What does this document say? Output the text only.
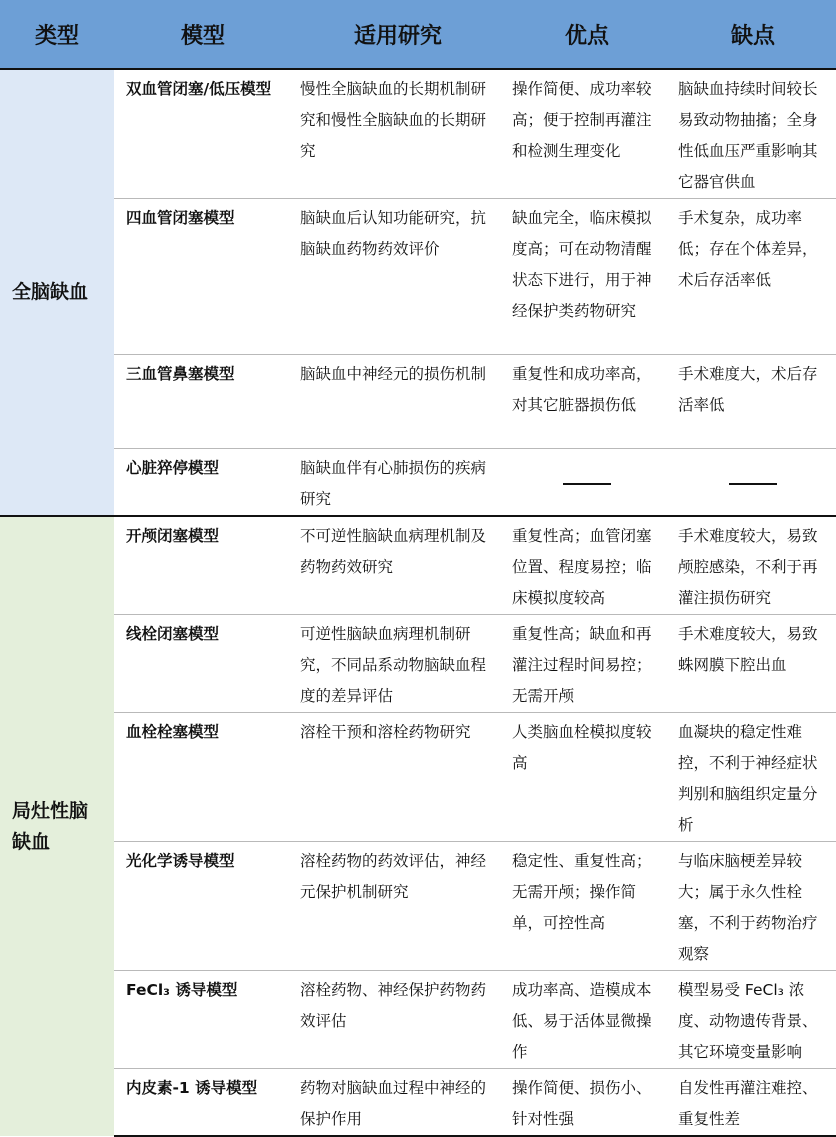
类型	模型	适用研究	优点	缺点
全脑缺血	双血管闭塞/低压模型	慢性全脑缺血的长期机制研究和慢性全脑缺血的长期研究	操作简便、成功率较高；便于控制再灌注和检测生理变化	脑缺血持续时间较长易致动物抽搐；全身性低血压严重影响其它器官供血
	四血管闭塞模型	脑缺血后认知功能研究，抗脑缺血药物药效评价	缺血完全，临床模拟度高；可在动物清醒状态下进行，用于神经保护类药物研究	手术复杂，成功率低；存在个体差异，术后存活率低
	三血管鼻塞模型	脑缺血中神经元的损伤机制	重复性和成功率高，对其它脏器损伤低	手术难度大，术后存活率低
	心脏猝停模型	脑缺血伴有心肺损伤的疾病研究		
局灶性脑缺血	开颅闭塞模型	不可逆性脑缺血病理机制及药物药效研究	重复性高；血管闭塞位置、程度易控；临床模拟度较高	手术难度较大，易致颅腔感染，不利于再灌注损伤研究
	线栓闭塞模型	可逆性脑缺血病理机制研究，不同品系动物脑缺血程度的差异评估	重复性高；缺血和再灌注过程时间易控；无需开颅	手术难度较大，易致蛛网膜下腔出血
	血栓栓塞模型	溶栓干预和溶栓药物研究	人类脑血栓模拟度较高	血凝块的稳定性难控，不利于神经症状判别和脑组织定量分析
	光化学诱导模型	溶栓药物的药效评估，神经元保护机制研究	稳定性、重复性高；无需开颅；操作简单，可控性高	与临床脑梗差异较大；属于永久性栓塞，不利于药物治疗观察
	FeCl₃ 诱导模型	溶栓药物、神经保护药物药效评估	成功率高、造模成本低、易于活体显微操作	模型易受 FeCl₃ 浓度、动物遗传背景、其它环境变量影响
	内皮素-1 诱导模型	药物对脑缺血过程中神经的保护作用	操作简便、损伤小、针对性强	自发性再灌注难控、重复性差
